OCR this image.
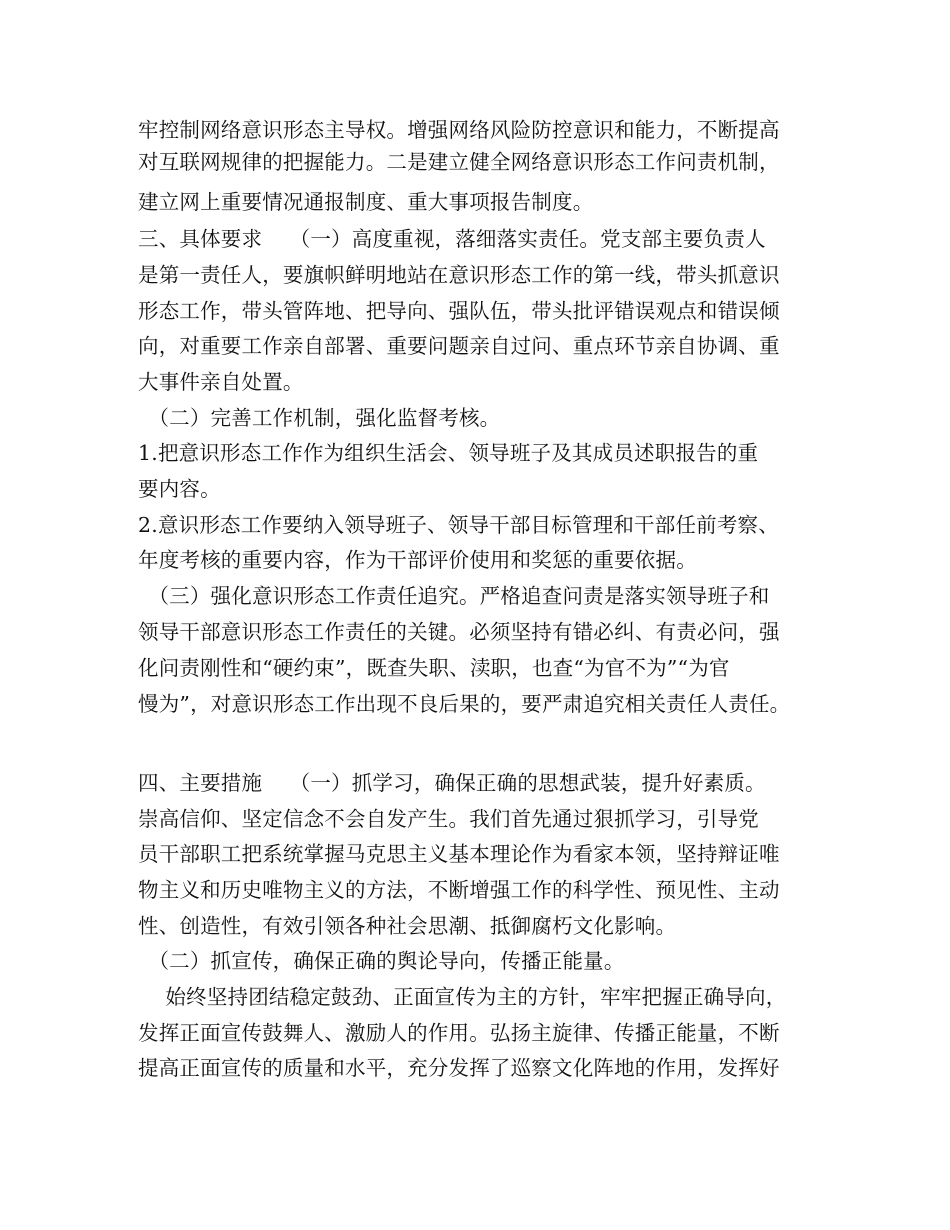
牢控制网络意识形态主导权。增强网络风险防控意识和能力，不断提高
对互联网规律的把握能力。二是建立健全网络意识形态工作问责机制，
建立网上重要情况通报制度、重大事项报告制度。
三、具体要求　 （一）高度重视，落细落实责任。党支部主要负责人
是第一责任人，要旗帜鲜明地站在意识形态工作的第一线，带头抓意识
形态工作，带头管阵地、把导向、强队伍，带头批评错误观点和错误倾
向，对重要工作亲自部署、重要问题亲自过问、重点环节亲自协调、重
大事件亲自处置。
　（二）完善工作机制，强化监督考核。
1.把意识形态工作作为组织生活会、领导班子及其成员述职报告的重
要内容。
2.意识形态工作要纳入领导班子、领导干部目标管理和干部任前考察、
年度考核的重要内容，作为干部评价使用和奖惩的重要依据。
　（三）强化意识形态工作责任追究。严格追查问责是落实领导班子和
领导干部意识形态工作责任的关键。必须坚持有错必纠、有责必问，强
化问责刚性和“硬约束”，既查失职、渎职，也查“为官不为”“为官
慢为”，对意识形态工作出现不良后果的，要严肃追究相关责任人责任。
四、主要措施　 （一）抓学习，确保正确的思想武装，提升好素质。
崇高信仰、坚定信念不会自发产生。我们首先通过狠抓学习，引导党
员干部职工把系统掌握马克思主义基本理论作为看家本领，坚持辩证唯
物主义和历史唯物主义的方法，不断增强工作的科学性、预见性、主动
性、创造性，有效引领各种社会思潮、抵御腐朽文化影响。
　（二）抓宣传，确保正确的舆论导向，传播正能量。
　 始终坚持团结稳定鼓劲、正面宣传为主的方针，牢牢把握正确导向，
发挥正面宣传鼓舞人、激励人的作用。弘扬主旋律、传播正能量，不断
提高正面宣传的质量和水平，充分发挥了巡察文化阵地的作用，发挥好
